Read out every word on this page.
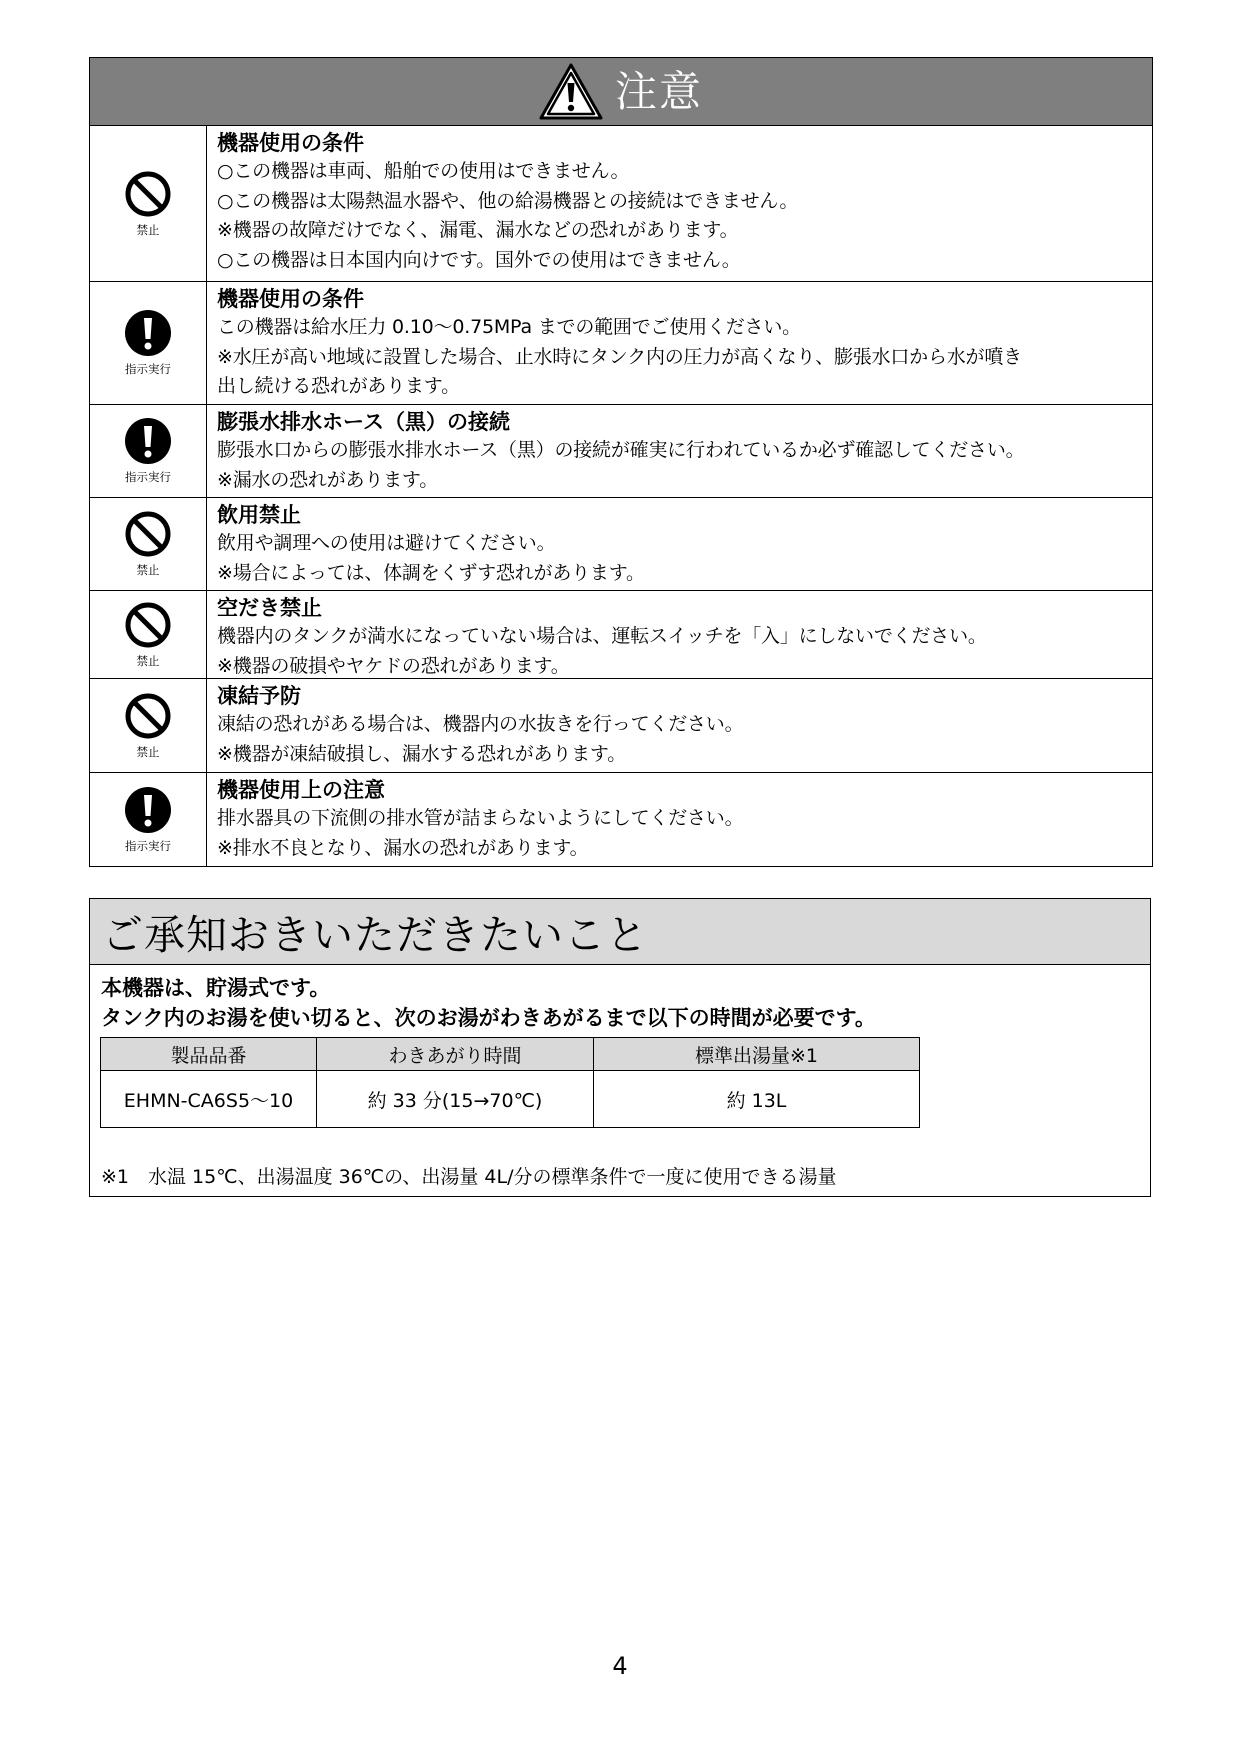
注意
禁止
機器使用の条件
○この機器は車両、船舶での使用はできません。
○この機器は太陽熱温水器や、他の給湯機器との接続はできません。
※機器の故障だけでなく、漏電、漏水などの恐れがあります。
○この機器は日本国内向けです。国外での使用はできません。
指示実行
機器使用の条件
この機器は給水圧力 0.10～0.75MPa までの範囲でご使用ください。
※水圧が高い地域に設置した場合、止水時にタンク内の圧力が高くなり、膨張水口から水が噴き
出し続ける恐れがあります。
指示実行
膨張水排水ホース（黒）の接続
膨張水口からの膨張水排水ホース（黒）の接続が確実に行われているか必ず確認してください。
※漏水の恐れがあります。
禁止
飲用禁止
飲用や調理への使用は避けてください。
※場合によっては、体調をくずす恐れがあります。
禁止
空だき禁止
機器内のタンクが満水になっていない場合は、運転スイッチを「入」にしないでください。
※機器の破損やヤケドの恐れがあります。
禁止
凍結予防
凍結の恐れがある場合は、機器内の水抜きを行ってください。
※機器が凍結破損し、漏水する恐れがあります。
指示実行
機器使用上の注意
排水器具の下流側の排水管が詰まらないようにしてください。
※排水不良となり、漏水の恐れがあります。
ご承知おきいただきたいこと
本機器は、貯湯式です。
タンク内のお湯を使い切ると、次のお湯がわきあがるまで以下の時間が必要です。
製品品番	わきあがり時間	標準出湯量※1
EHMN-CA6S5～10	約 33 分(15→70℃)	約 13L
※1　水温 15℃、出湯温度 36℃の、出湯量 4L/分の標準条件で一度に使用できる湯量
4
